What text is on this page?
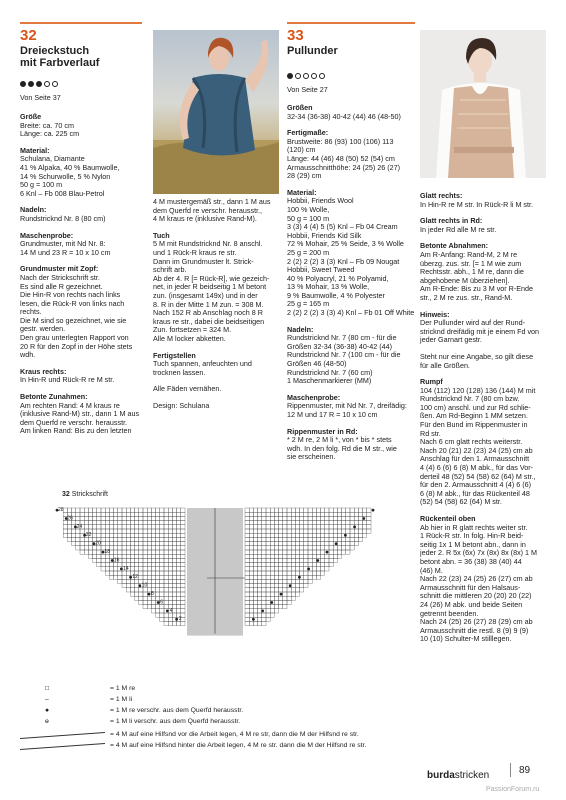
32
Dreieckstuch
mit Farbverlauf
Von Seite 37
Größe
Breite: ca. 70 cm
Länge: ca. 225 cm
Material:
Schulana, Diamante
41 % Alpaka, 40 % Baumwolle,
14 % Schurwolle, 5 % Nylon
50 g = 100 m
6 Knl – Fb 008 Blau-Petrol
Nadeln:
Rundstricknd Nr. 8 (80 cm)
Maschenprobe:
Grundmuster, mit Nd Nr. 8:
14 M und 23 R = 10 x 10 cm
Grundmuster mit Zopf:
Nach der Strickschrift str.
Es sind alle R gezeichnet.
Die Hin-R von rechts nach links
lesen, die Rück-R von links nach
rechts.
Die M sind so gezeichnet, wie sie
gestr. werden.
Den grau unterlegten Rapport von
20 R für den Zopf in der Höhe stets
wdh.
Kraus rechts:
In Hin-R und Rück-R re M str.
Betonte Zunahmen:
Am rechten Rand: 4 M kraus re
(inklusive Rand-M) str., dann 1 M aus
dem Querfd re verschr. herausstr.
Am linken Rand: Bis zu den letzten
4 M mustergemäß str., dann 1 M aus
dem Querfd re verschr. herausstr.,
4 M kraus re (inklusive Rand-M).
Tuch
5 M mit Rundstricknd Nr. 8 anschl.
und 1 Rück-R kraus re str.
Dann im Grundmuster lt. Strick-
schrift arb.
Ab der 4. R [= Rück-R], wie gezeich-
net, in jeder R beidseitig 1 M betont
zun. (insgesamt 149x) und in der
8. R in der Mitte 1 M zun. = 308 M.
Nach 152 R ab Anschlag noch 8 R
kraus re str., dabei die beidseitigen
Zun. fortsetzen = 324 M.
Alle M locker abketten.
Fertigstellen
Tuch spannen, anfeuchten und
trocknen lassen.
Alle Fäden vernähen.
Design: Schulana
33
Pullunder
Von Seite 27
Größen
32-34 (36-38) 40-42 (44) 46 (48-50)
Fertigmaße:
Brustweite: 86 (93) 100 (106) 113
(120) cm
Länge: 44 (46) 48 (50) 52 (54) cm
Armausschnitthöhe: 24 (25) 26 (27)
28 (29) cm
Material:
Hobbii, Friends Wool
100 % Wolle,
50 g = 100 m
3 (3) 4 (4) 5 (5) Knl – Fb 04 Cream
Hobbii, Friends Kid Silk
72 % Mohair, 25 % Seide, 3 % Wolle
25 g = 200 m
2 (2) 2 (2) 3 (3) Knl – Fb 09 Nougat
Hobbii, Sweet Tweed
40 % Polyacryl, 21 % Polyamid,
13 % Mohair, 13 % Wolle,
9 % Baumwolle, 4 % Polyester
25 g = 165 m
2 (2) 2 (2) 3 (3) 4) Knl – Fb 01 Off White
Nadeln:
Rundstricknd Nr. 7 (80 cm - für die
Größen 32-34 (36-38) 40-42 (44)
Rundstricknd Nr. 7 (100 cm - für die
Größen 46 (48-50)
Rundstricknd Nr. 7 (60 cm)
1 Maschenmarkierer (MM)
Maschenprobe:
Rippenmuster, mit Nd Nr. 7, dreifädig:
12 M und 17 R = 10 x 10 cm
Rippenmuster in Rd:
* 2 M re, 2 M li *, von * bis * stets
wdh. In den folg. Rd die M str., wie
sie erscheinen.
Glatt rechts:
In Hin-R re M str. In Rück-R li M str.
Glatt rechts in Rd:
In jeder Rd alle M re str.
Betonte Abnahmen:
Am R-Anfang: Rand-M, 2 M re
überzg. zus. str. [= 1 M wie zum
Rechtsstr. abh., 1 M re, dann die
abgehobene M überziehen].
Am R-Ende: Bis zu 3 M vor R-Ende
str., 2 M re zus. str., Rand-M.
Hinweis:
Der Pullunder wird auf der Rund-
stricknd dreifädig mit je einem Fd von
jeder Garnart gestr.
Steht nur eine Angabe, so gilt diese
für alle Größen.
Rumpf
104 (112) 120 (128) 136 (144) M mit
Rundstricknd Nr. 7 (80 cm bzw.
100 cm) anschl. und zur Rd schlie-
ßen. Am Rd-Beginn 1 MM setzen.
Für den Bund im Rippenmuster in
Rd str.
Nach 6 cm glatt rechts weiterstr.
Nach 20 (21) 22 (23) 24 (25) cm ab
Anschlag für den 1. Armausschnitt
4 (4) 6 (6) 6 (8) M abk., für das Vor-
derteil 48 (52) 54 (58) 62 (64) M str.,
für den 2. Armausschnitt 4 (4) 6 (6)
6 (8) M abk., für das Rückenteil 48
(52) 54 (58) 62 (64) M str.
Rückenteil oben
Ab hier in R glatt rechts weiter str.
1 Rück-R str. In folg. Hin-R beid-
seitig 1x 1 M betont abn., dann in
jeder 2. R 5x (6x) 7x (8x) 8x (8x) 1 M
betont abn. = 36 (38) 38 (40) 44
(46) M.
Nach 22 (23) 24 (25) 26 (27) cm ab
Armausschnitt für den Halsaus-
schnitt die mittleren 20 (20) 20 (22)
24 (26) M abk. und beide Seiten
getrennt beenden.
Nach 24 (25) 26 (27) 28 (29) cm ab
Armausschnitt die restl. 8 (9) 9 (9)
10 (10) Schulter-M stilllegen.
32 Strickschrift
28
26
24
22
20
18
16
14
12
10
8
6
4
2
□	= 1 M re
–	= 1 M li
●	= 1 M re verschr. aus dem Querfd herausstr.
ɵ	= 1 M li verschr. aus dem Querfd herausstr.
= 4 M auf eine Hilfsnd vor die Arbeit legen, 4 M re str, dann die M der Hilfsnd re str.
= 4 M auf eine Hilfsnd hinter die Arbeit legen, 4 M re str. dann die M der Hilfsnd re str.
burdastricken	89
PassionForum.ru
